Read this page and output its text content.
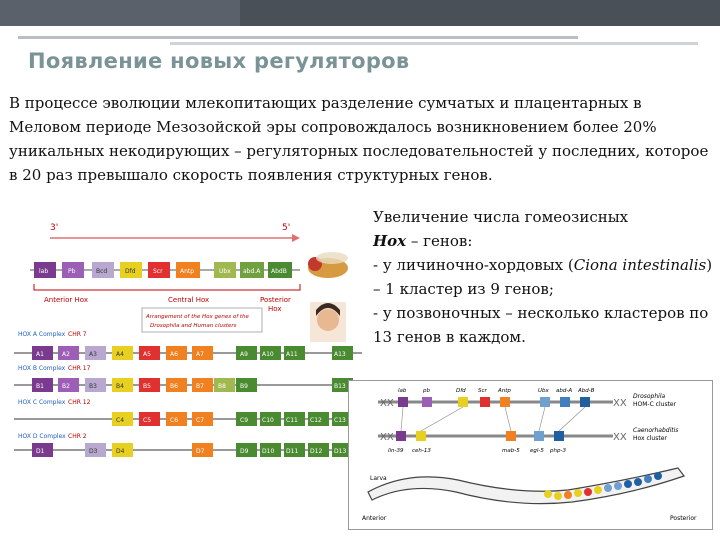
Появление новых регуляторов
В процессе эволюции млекопитающих разделение сумчатых и плацентарных в Меловом периоде Мезозойской эры сопровождалось возникновением более 20% уникальных некодирующих – регуляторных последовательностей у последних, которое в 20 раз превышало скорость появления структурных генов.
Увеличение числа гомеозисных
Hox – генов:
- у личиночно-хордовых (Ciona intestinalis) – 1 кластер из 9 генов;
- у позвоночных – несколько кластеров по 13 генов в каждом.
3'	5'
lab	Pb	Bcd	Dfd	Scr	Antp	Ubx abd.A AbdB
Anterior Hox	Central Hox	Posterior
Hox
Arrangement of the Hox genes of the
Drosophila and Human clusters
HOX A Complex CHR 7
A1	A2	A3	A4	A5	A6	A7	A9 A10 A11	A13
HOX B Complex CHR 17
B1	B2	B3	B4	B5	B6	B7 B8 B9	B13
HOX C Complex CHR 12
C4	C5	C6	C7	C9 C10 C11 C12 C13
HOX D Complex CHR 2
D1	D3	D4	D7	D9 D10 D11 D12 D13
XX	XX
lab	pb	Dfd Scr Antp	Ubx abd-A Abd-B
Drosophila
HOM-C cluster
XX	XX
lin-39 ceh-13	mab-5 egl-5 php-3
Caenorhabditis
Hox cluster
Larva
Anterior	Posterior
